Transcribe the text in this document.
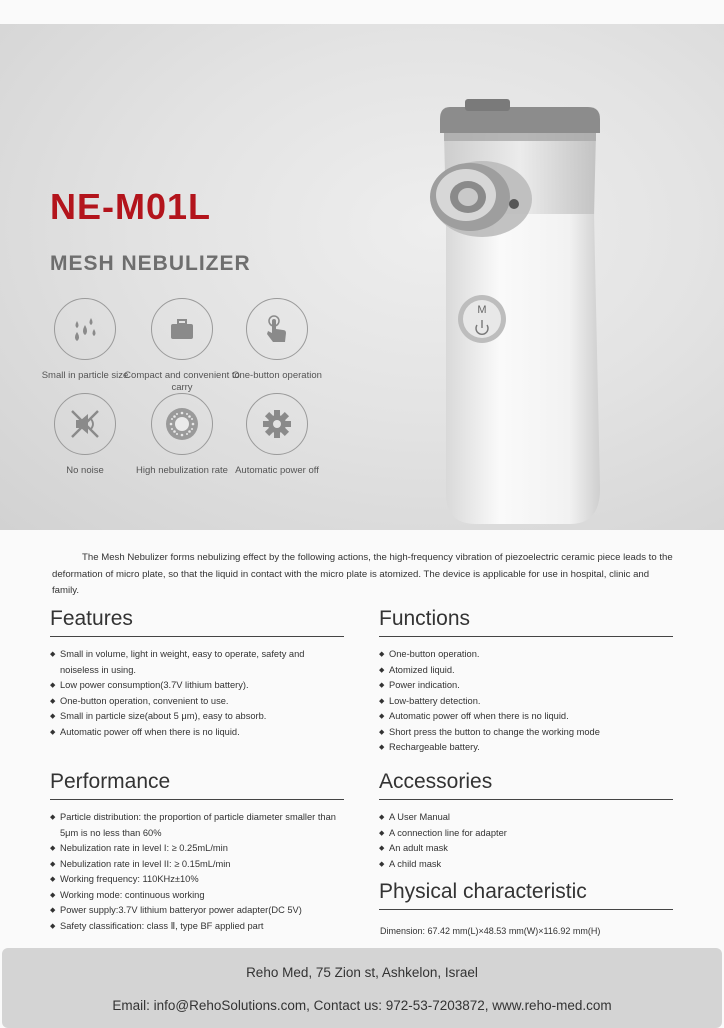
NE-M01L
MESH NEBULIZER
Small in particle size
Compact and convenient to carry
One-button operation
No noise	High nebulization rate Automatic power off
M

The Mesh Nebulizer forms nebulizing effect by the following actions, the high-frequency vibration of piezoelectric ceramic piece leads to the deformation of micro plate, so that the liquid in contact with the micro plate is atomized. The device is applicable for use in hospital, clinic and family.

Features
◆ Small in volume, light in weight, easy to operate, safety and noiseless in using.
◆ Low power consumption(3.7V lithium battery).
◆ One-button operation, convenient to use.
◆ Small in particle size(about 5 μm), easy to absorb.
◆ Automatic power off when there is no liquid.
Functions
◆ One-button operation.
◆ Atomized liquid.
◆ Power indication.
◆ Low-battery detection.
◆ Automatic power off when there is no liquid.
◆ Short press the button to change the working mode
◆ Rechargeable battery.
Performance
◆ Particle distribution: the proportion of particle diameter smaller than 5μm is no less than 60%
◆ Nebulization rate in level I: ≥ 0.25mL/min
◆ Nebulization rate in level II: ≥ 0.15mL/min
◆ Working frequency: 110KHz±10%
◆ Working mode: continuous working
◆ Power supply:3.7V lithium batteryor power adapter(DC 5V)
◆ Safety classification: class Ⅱ, type BF applied part
Accessories
◆ A User Manual
◆ A connection line for adapter
◆ An adult mask
◆ A child mask
Physical characteristic
Dimension: 67.42 mm(L)×48.53 mm(W)×116.92 mm(H)
Reho Med, 75 Zion st, Ashkelon, Israel
Email: info@RehoSolutions.com, Contact us: 972-53-7203872, www.reho-med.com
